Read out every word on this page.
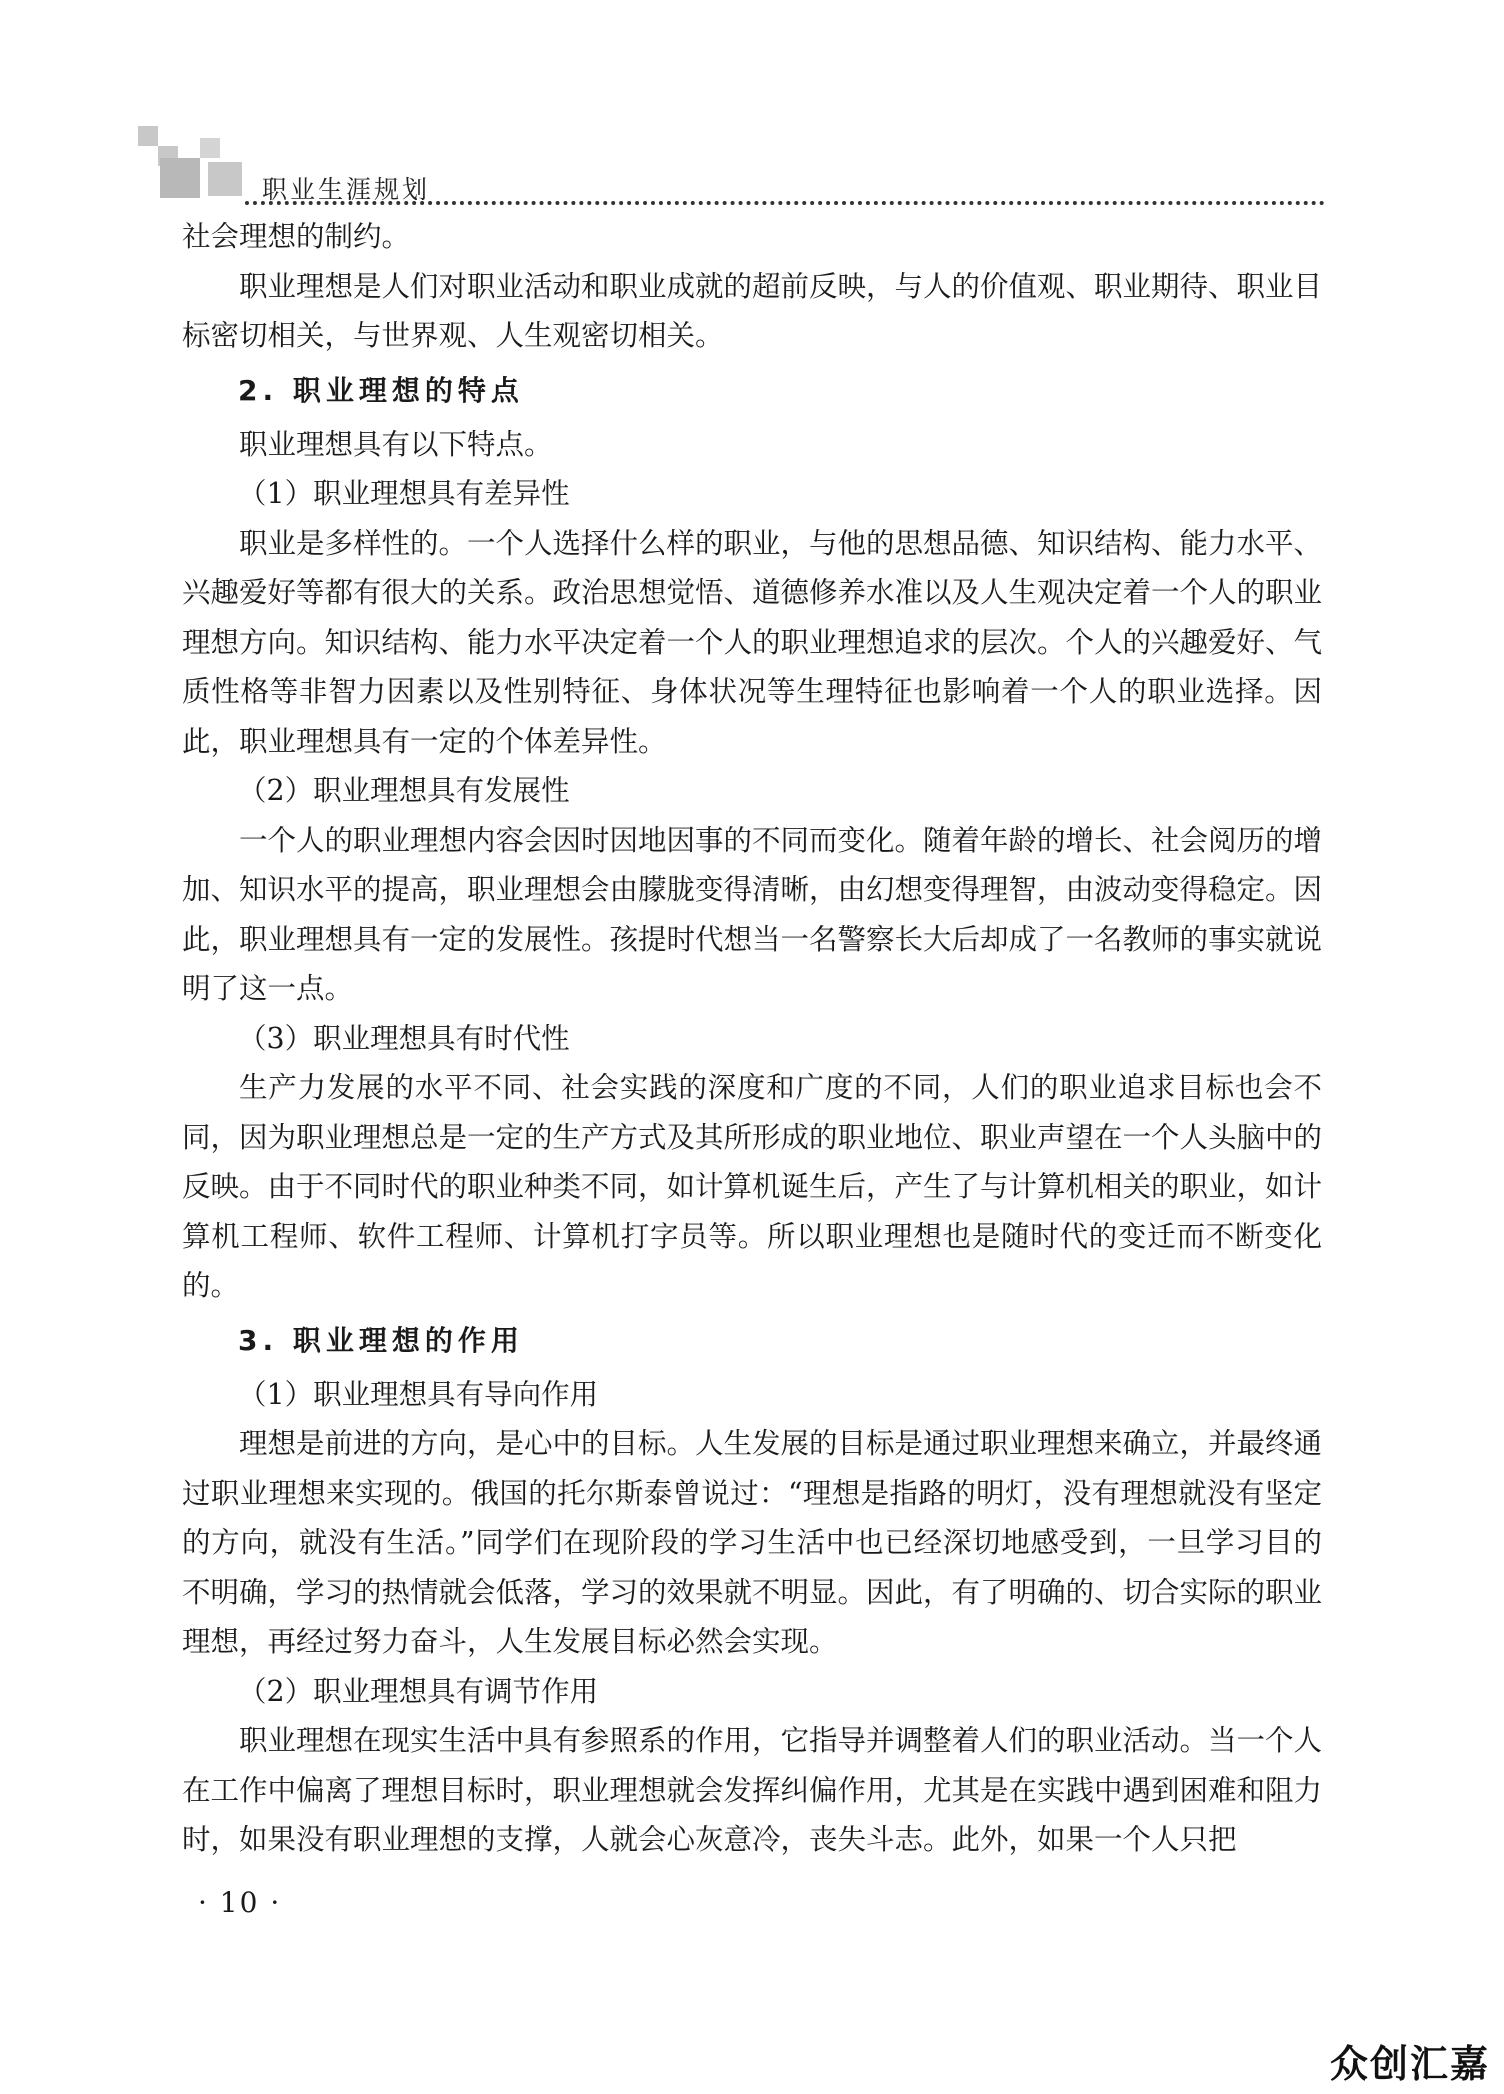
职业生涯规划

社会理想的制约。

职业理想是人们对职业活动和职业成就的超前反映，与人的价值观、职业期待、职业目标密切相关，与世界观、人生观密切相关。

2. 职业理想的特点

职业理想具有以下特点。

（1）职业理想具有差异性

职业是多样性的。一个人选择什么样的职业，与他的思想品德、知识结构、能力水平、兴趣爱好等都有很大的关系。政治思想觉悟、道德修养水准以及人生观决定着一个人的职业理想方向。知识结构、能力水平决定着一个人的职业理想追求的层次。个人的兴趣爱好、气质性格等非智力因素以及性别特征、身体状况等生理特征也影响着一个人的职业选择。因此，职业理想具有一定的个体差异性。

（2）职业理想具有发展性

一个人的职业理想内容会因时因地因事的不同而变化。随着年龄的增长、社会阅历的增加、知识水平的提高，职业理想会由朦胧变得清晰，由幻想变得理智，由波动变得稳定。因此，职业理想具有一定的发展性。孩提时代想当一名警察长大后却成了一名教师的事实就说明了这一点。

（3）职业理想具有时代性

生产力发展的水平不同、社会实践的深度和广度的不同，人们的职业追求目标也会不同，因为职业理想总是一定的生产方式及其所形成的职业地位、职业声望在一个人头脑中的反映。由于不同时代的职业种类不同，如计算机诞生后，产生了与计算机相关的职业，如计算机工程师、软件工程师、计算机打字员等。所以职业理想也是随时代的变迁而不断变化的。

3. 职业理想的作用

（1）职业理想具有导向作用

理想是前进的方向，是心中的目标。人生发展的目标是通过职业理想来确立，并最终通过职业理想来实现的。俄国的托尔斯泰曾说过：“理想是指路的明灯，没有理想就没有坚定的方向，就没有生活。”同学们在现阶段的学习生活中也已经深切地感受到，一旦学习目的不明确，学习的热情就会低落，学习的效果就不明显。因此，有了明确的、切合实际的职业理想，再经过努力奋斗，人生发展目标必然会实现。

（2）职业理想具有调节作用

职业理想在现实生活中具有参照系的作用，它指导并调整着人们的职业活动。当一个人在工作中偏离了理想目标时，职业理想就会发挥纠偏作用，尤其是在实践中遇到困难和阻力时，如果没有职业理想的支撑，人就会心灰意冷，丧失斗志。此外，如果一个人只把

· 10 ·
众创汇嘉
